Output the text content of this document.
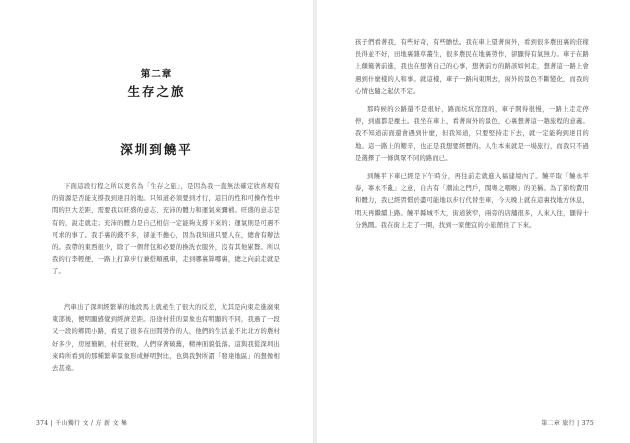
第二章
生存之旅
深圳到饒平

下面這段行程之所以更名為「生存之旅」，是因為我一直無法確定欣喜現有的資源是否能支撐我到達目的地。只知道必須要到才行，這目的性和可操作性中間的巨大差距，需要我以旺盛的意志、充沛的體力和運氣來彌補。旺盛的意志是有的，說走就走；充沛的體力是自己相信一定能夠支撐下來的；運氣則是可遇不可求的事了。我手裏的錢不多，卻並不擔心，因為我知道只要人在，總會有辦法的。我帶的東西很少，除了一個背包和必要的換洗衣服外，沒有其他累贅。所以我的行李輕便，一路上打算步行兼搭順風車，走到哪裏算哪裏，總之向前走就是了。

汽車出了深圳經繁華的地段馬上就產生了很大的反差，尤其是向東走進廣東東部後，便明顯感覺到經濟差距。沿途村莊的景象也有明顯的不同，我過了一段又一段的鄉間小路，看見了很多在田間勞作的人，他們的生活並不比北方的農村好多少，房屋簡陋，村莊衰敗，人們穿著破舊，精神面貌低落。這與我從深圳出來時所看到的那種繁華景象形成鮮明對比，也與我對所謂「發達地區」的想像相去甚遠。

374 | 千山獨行 文 / 方 新 文 集

孩子們看著我，有些好奇，有些膽怯。我在車上望著窗外，看到很多農田裏的莊稼長得並不好，田地裏雜草叢生，很多農民在地裏勞作，卻顯得有氣無力。車子在路上顛簸著前進，我也在想著自己的心事，想著前方的路該如何走，想著這一路上會遇到什麼樣的人和事。就這樣，車子一路向東開去，窗外的景色不斷變化，而我的心情也隨之起伏不定。

那時候的公路還不是很好，路面坑坑窪窪的，車子開得很慢，一路上走走停停，到處都是塵土。我坐在車上，看著窗外的景色，心裏想著這一趟旅程的意義。我不知道前面還會遇到什麼，但我知道，只要堅持走下去，就一定能夠到達目的地。這一路上的艱辛，也正是我想要經歷的。人生本來就是一場旅行，而我只不過是選擇了一條與眾不同的路而已。

到饒平下車已經是下午時分，再往前走就進入福建境內了。饒平取「饒永平泰，寧永不亂」之意，自古有「潮汕之門戶，閩粵之咽喉」的美稱。為了節約費用和體力，我已經習慣於盡可能地以步行代替坐車，今天晚上就在這裏找地方休息，明天再繼續上路。饒平縣城不大，街道狹窄，兩旁的店舖很多，人來人往，顯得十分熱鬧。我在街上走了一圈，找到一家便宜的小旅館住了下來。

第二章 旅行 | 375
